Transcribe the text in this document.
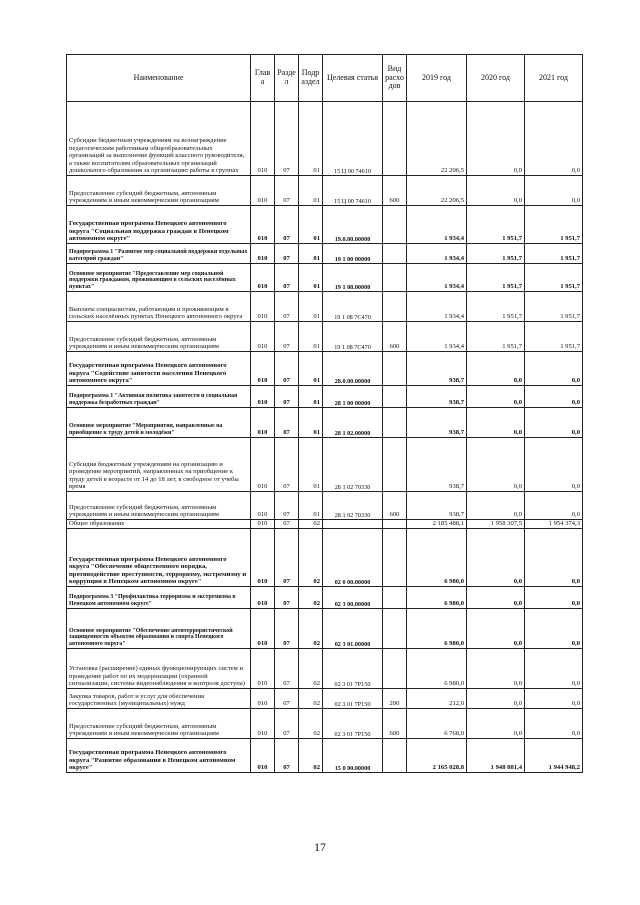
Наименование	Глав а	Разде л	Подр аздел	Целевая статья	Вид расхо дов	2019 год	2020 год	2021 год
Субсидии бюджетным учреждениям на вознаграждение педагогическим работникам общеобразовательных организаций за выполнение функций классного руководителя, а также воспитателям образовательных организаций дошкольного образования за организацию работы в группах	010	07	01	15 Ц 00 74610		22 206,5	0,0	0,0
Предоставление субсидий бюджетным, автономным учреждениям и иным некоммерческим организациям	010	07	01	15 Ц 00 74610	600	22 206,5	0,0	0,0
Государственная программа Ненецкого автономного округа "Социальная поддержка граждан в Ненецком автономном округе"	010	07	01	19.0.00.00000		1 934,4	1 951,7	1 951,7
Подпрограмма 1 "Развитие мер социальной поддержки отдельных категорий граждан"	010	07	01	19 1 00 00000		1 934,4	1 951,7	1 951,7
Основное мероприятие "Предоставление мер социальной поддержки гражданам, проживающим в сельских населённых пунктах"	010	07	01	19 1 08.00000		1 934,4	1 951,7	1 951,7
Выплаты специалистам, работающим и проживающим в сельских населённых пунктах Ненецкого автономного округа	010	07	01	19 1 08 7С470		1 934,4	1 951,7	1 951,7
Предоставление субсидий бюджетным, автономным учреждениям и иным некоммерческим организациям	010	07	01	19 1 08 7С470	600	1 934,4	1 951,7	1 951,7
Государственная программа Ненецкого автономного округа "Содействие занятости населения Ненецкого автономного округа"	010	07	01	28.0.00.00000		938,7	0,0	0,0
Подпрограмма 1 "Активная политика занятости и социальная поддержка безработных граждан"	010	07	01	28 1 00 00000		938,7	0,0	0,0
Основное мероприятие "Мероприятия, направленные на приобщение к труду детей и молодёжи"	010	07	01	28 1 02.00000		938,7	0,0	0,0
Субсидия бюджетным учреждениям на организацию и проведение мероприятий, направленных на приобщение к труду детей в возрасте от 14 до 18 лет, в свободное от учебы время	010	07	01	28 1 02 70330		938,7	0,0	0,0
Предоставление субсидий бюджетным, автономным учреждениям и иным некоммерческим организациям	010	07	01	28 1 02 70330	600	938,7	0,0	0,0
Общее образование	010	07	02			2 185 488,1	1 958 307,5	1 954 374,3
Государственная программа Ненецкого автономного округа "Обеспечение общественного порядка, противодействие преступности, терроризму, экстремизму и коррупции в Ненецком автономном округе"	010	07	02	02 0 00.00000		6 980,0	0,0	0,0
Подпрограмма 3 "Профилактика терроризма и экстремизма в Ненецком автономном округе"	010	07	02	02 3 00.00000		6 980,0	0,0	0,0
Основное мероприятие "Обеспечение антитеррористической защищенности объектов образования и спорта Ненецкого автономного округа"	010	07	02	02 3 01.00000		6 980,0	0,0	0,0
Установка (расширение) единых функционирующих систем и проведение работ по их модернизации (охранной сигнализации, системы видеонаблюдения и контроля доступа)	010	07	02	02 3 01 7Р150		6 980,0	0,0	0,0
Закупка товаров, работ и услуг для обеспечения государственных (муниципальных) нужд	010	07	02	02 3 01 7Р150	200	212,0	0,0	0,0
Предоставление субсидий бюджетным, автономным учреждениям и иным некоммерческим организациям	010	07	02	02 3 01 7Р150	600	6 768,0	0,0	0,0
Государственная программа Ненецкого автономного округа "Развитие образования в Ненецком автономном округе"	010	07	02	15 0 00.00000		2 165 028,8	1 948 881,4	1 944 948,2
17
